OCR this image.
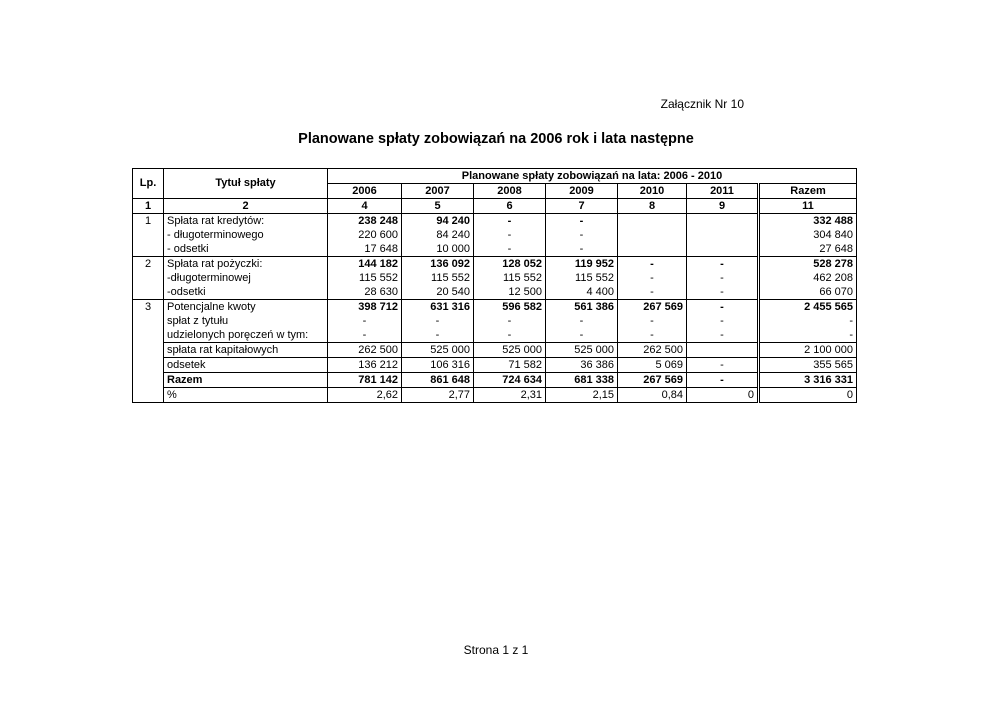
Załącznik Nr 10
Planowane spłaty zobowiązań na 2006 rok i lata następne
Lp.	Tytuł spłaty	Planowane spłaty zobowiązań na lata: 2006 - 2010						
		2006	2007	2008	2009	2010	2011	Razem
1	2	4	5	6	7	8	9	11
1	Spłata rat kredytów:	238 248	94 240	-	-			332 488
	- długoterminowego	220 600	84 240	-	-			304 840
	- odsetki	17 648	10 000	-	-			27 648
2	Spłata rat pożyczki:	144 182	136 092	128 052	119 952	-	-	528 278
	-długoterminowej	115 552	115 552	115 552	115 552	-	-	462 208
	-odsetki	28 630	20 540	12 500	4 400	-	-	66 070
3	Potencjalne kwoty	398 712	631 316	596 582	561 386	267 569	-	2 455 565
	spłat z tytułu	-	-	-	-	-	-	-
	udzielonych poręczeń w tym:	-	-	-	-	-	-	-
	spłata rat kapitałowych	262 500	525 000	525 000	525 000	262 500		2 100 000
	odsetek	136 212	106 316	71 582	36 386	5 069	-	355 565
	Razem	781 142	861 648	724 634	681 338	267 569	-	3 316 331
	%	2,62	2,77	2,31	2,15	0,84	0	0
Strona 1 z 1
